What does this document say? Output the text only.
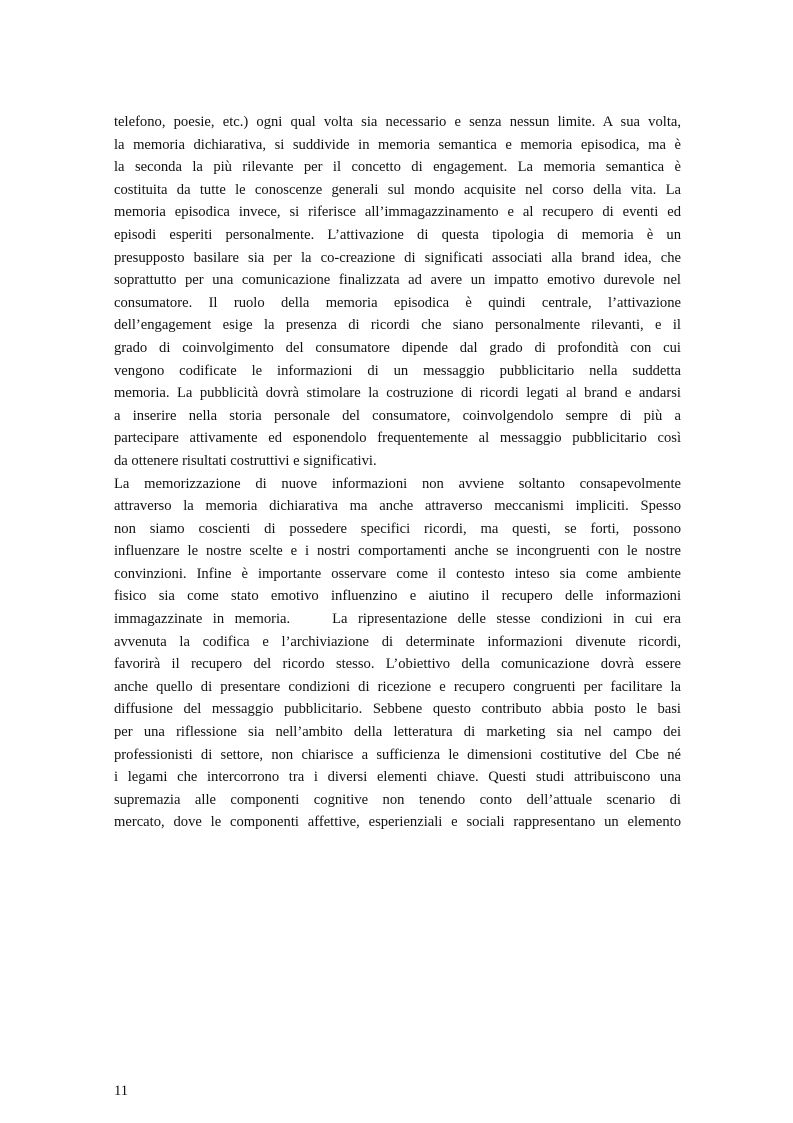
telefono, poesie, etc.) ogni qual volta sia necessario e senza nessun limite. A sua volta,
la memoria dichiarativa, si suddivide in memoria semantica e memoria episodica, ma è
la seconda la più rilevante per il concetto di engagement. La memoria semantica è
costituita da tutte le conoscenze generali sul mondo acquisite nel corso della vita. La
memoria episodica invece, si riferisce all’immagazzinamento e al recupero di eventi ed
episodi esperiti personalmente. L’attivazione di questa tipologia di memoria è un
presupposto basilare sia per la co-creazione di significati associati alla brand idea, che
soprattutto per una comunicazione finalizzata ad avere un impatto emotivo durevole nel
consumatore. Il ruolo della memoria episodica è quindi centrale, l’attivazione
dell’engagement esige la presenza di ricordi che siano personalmente rilevanti, e il
grado di coinvolgimento del consumatore dipende dal grado di profondità con cui
vengono codificate le informazioni di un messaggio pubblicitario nella suddetta
memoria. La pubblicità dovrà stimolare la costruzione di ricordi legati al brand e andarsi
a inserire nella storia personale del consumatore, coinvolgendolo sempre di più a
partecipare attivamente ed esponendolo frequentemente al messaggio pubblicitario così
da ottenere risultati costruttivi e significativi.
La memorizzazione di nuove informazioni non avviene soltanto consapevolmente
attraverso la memoria dichiarativa ma anche attraverso meccanismi impliciti. Spesso
non siamo coscienti di possedere specifici ricordi, ma questi, se forti, possono
influenzare le nostre scelte e i nostri comportamenti anche se incongruenti con le nostre
convinzioni. Infine è importante osservare come il contesto inteso sia come ambiente
fisico sia come stato emotivo influenzino e aiutino il recupero delle informazioni
immagazzinate in memoria.    La ripresentazione delle stesse condizioni in cui era
avvenuta la codifica e l’archiviazione di determinate informazioni divenute ricordi,
favorirà il recupero del ricordo stesso. L’obiettivo della comunicazione dovrà essere
anche quello di presentare condizioni di ricezione e recupero congruenti per facilitare la
diffusione del messaggio pubblicitario. Sebbene questo contributo abbia posto le basi
per una riflessione sia nell’ambito della letteratura di marketing sia nel campo dei
professionisti di settore, non chiarisce a sufficienza le dimensioni costitutive del Cbe né
i legami che intercorrono tra i diversi elementi chiave. Questi studi attribuiscono una
supremazia alle componenti cognitive non tenendo conto dell’attuale scenario di
mercato, dove le componenti affettive, esperienziali e sociali rappresentano un elemento
11
